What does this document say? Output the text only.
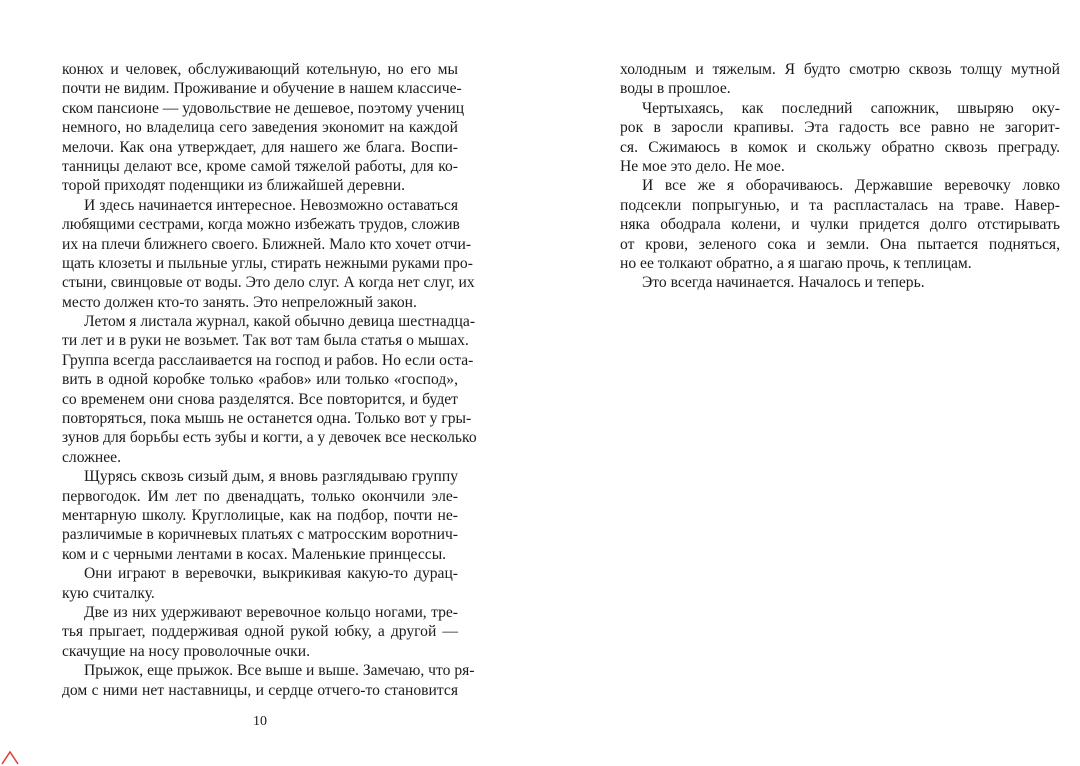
конюх и человек, обслуживающий котельную, но его мы
почти не видим. Проживание и обучение в нашем классиче-
ском пансионе — удовольствие не дешевое, поэтому учениц
немного, но владелица сего заведения экономит на каждой
мелочи. Как она утверждает, для нашего же блага. Воспи-
танницы делают все, кроме самой тяжелой работы, для ко-
торой приходят поденщики из ближайшей деревни.
И здесь начинается интересное. Невозможно оставаться
любящими сестрами, когда можно избежать трудов, сложив
их на плечи ближнего своего. Ближней. Мало кто хочет отчи-
щать клозеты и пыльные углы, стирать нежными руками про-
стыни, свинцовые от воды. Это дело слуг. А когда нет слуг, их
место должен кто-то занять. Это непреложный закон.
Летом я листала журнал, какой обычно девица шестнадца-
ти лет и в руки не возьмет. Так вот там была статья о мышах.
Группа всегда расслаивается на господ и рабов. Но если оста-
вить в одной коробке только «рабов» или только «господ»,
со временем они снова разделятся. Все повторится, и будет
повторяться, пока мышь не останется одна. Только вот у гры-
зунов для борьбы есть зубы и когти, а у девочек все несколько
сложнее.
Щурясь сквозь сизый дым, я вновь разглядываю группу
первогодок. Им лет по двенадцать, только окончили эле-
ментарную школу. Круглолицые, как на подбор, почти не-
различимые в коричневых платьях с матросским воротнич-
ком и с черными лентами в косах. Маленькие принцессы.
Они играют в веревочки, выкрикивая какую-то дурац-
кую считалку.
Две из них удерживают веревочное кольцо ногами, тре-
тья прыгает, поддерживая одной рукой юбку, а другой —
скачущие на носу проволочные очки.
Прыжок, еще прыжок. Все выше и выше. Замечаю, что ря-
дом с ними нет наставницы, и сердце отчего-то становится
10
холодным и тяжелым. Я будто смотрю сквозь толщу мутной
воды в прошлое.
Чертыхаясь, как последний сапожник, швыряю оку-
рок в заросли крапивы. Эта гадость все равно не загорит-
ся. Сжимаюсь в комок и скольжу обратно сквозь преграду.
Не мое это дело. Не мое.
И все же я оборачиваюсь. Державшие веревочку ловко
подсекли попрыгунью, и та распласталась на траве. Навер-
няка ободрала колени, и чулки придется долго отстирывать
от крови, зеленого сока и земли. Она пытается подняться,
но ее толкают обратно, а я шагаю прочь, к теплицам.
Это всегда начинается. Началось и теперь.
